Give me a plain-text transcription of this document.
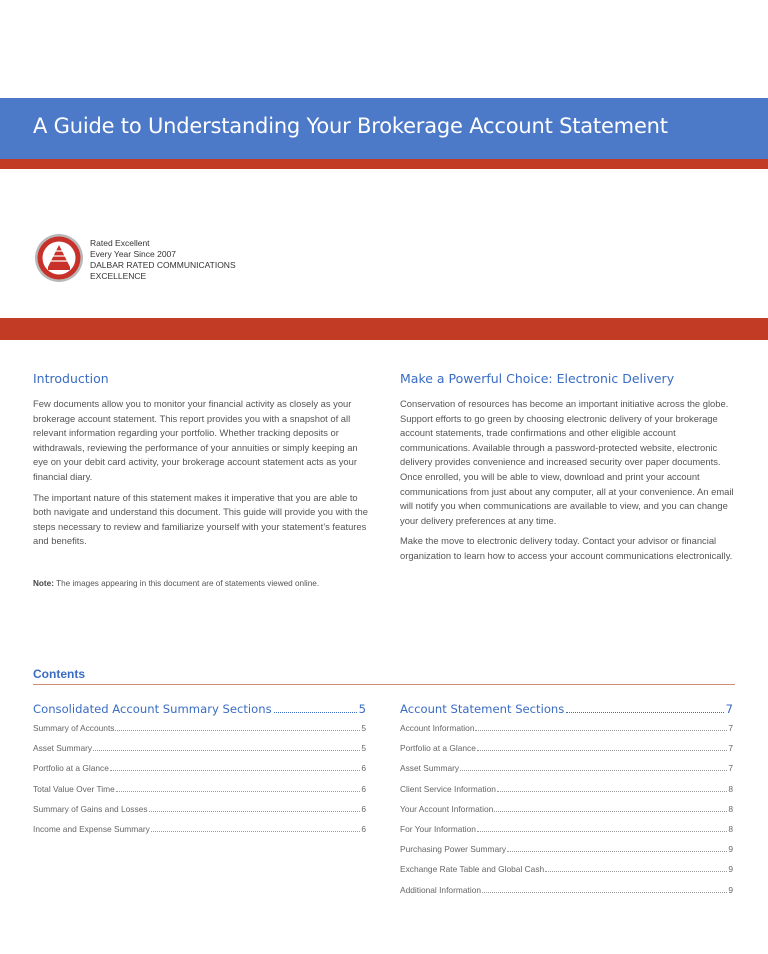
A Guide to Understanding Your Brokerage Account Statement
Rated Excellent
Every Year Since 2007
DALBAR RATED COMMUNICATIONS
EXCELLENCE
Introduction

Few documents allow you to monitor your financial activity as closely as your brokerage account statement. This report provides you with a snapshot of all relevant information regarding your portfolio. Whether tracking deposits or withdrawals, reviewing the performance of your annuities or simply keeping an eye on your debit card activity, your brokerage account statement acts as your financial diary.

The important nature of this statement makes it imperative that you are able to both navigate and understand this document. This guide will provide you with the steps necessary to review and familiarize yourself with your statement’s features and benefits.

Note: The images appearing in this document are of statements viewed online.
Make a Powerful Choice: Electronic Delivery

Conservation of resources has become an important initiative across the globe. Support efforts to go green by choosing electronic delivery of your brokerage account statements, trade confirmations and other eligible account communications. Available through a password-protected website, electronic delivery provides convenience and increased security over paper documents. Once enrolled, you will be able to view, download and print your account communications from just about any computer, all at your convenience. An email will notify you when communications are available to view, and you can change your delivery preferences at any time.

Make the move to electronic delivery today. Contact your advisor or financial organization to learn how to access your account communications electronically.

Contents
Consolidated Account Summary Sections	5
Summary of Accounts	5
Asset Summary	5
Portfolio at a Glance	6
Total Value Over Time	6
Summary of Gains and Losses	6
Income and Expense Summary	6
Account Statement Sections	7
Account Information	7
Portfolio at a Glance	7
Asset Summary	7
Client Service Information	8
Your Account Information	8
For Your Information	8
Purchasing Power Summary	9
Exchange Rate Table and Global Cash	9
Additional Information	9
